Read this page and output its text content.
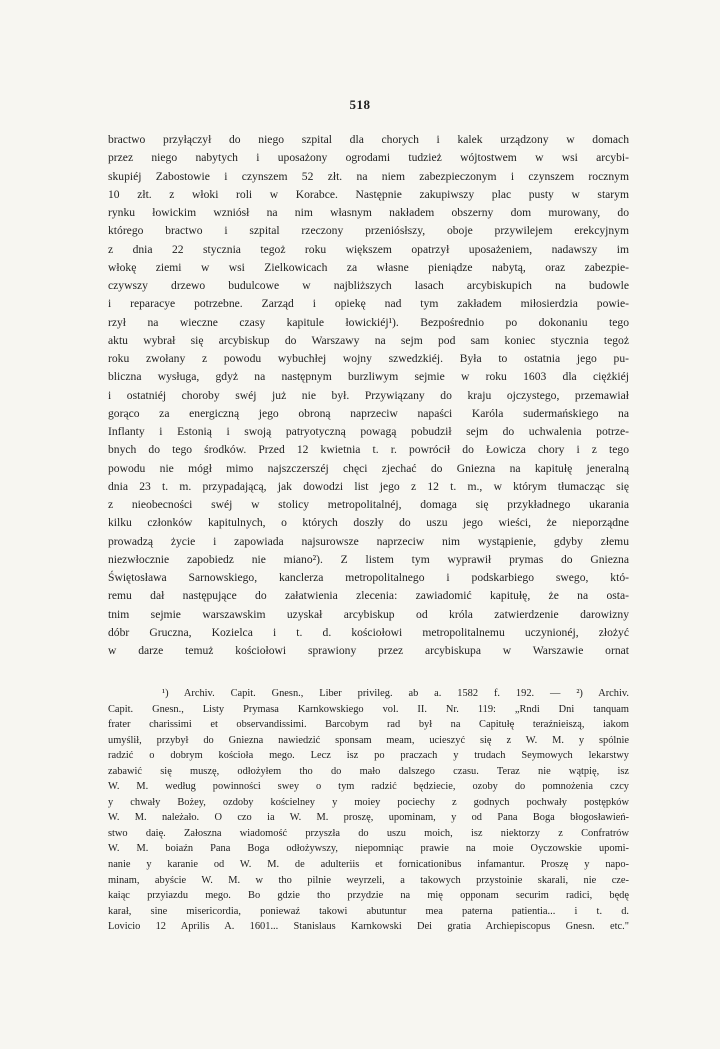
518
bractwo przyłączył do niego szpital dla chorych i kalek urządzony w domach
przez niego nabytych i uposażony ogrodami tudzież wójtostwem w wsi arcybi-
skupiéj Zabostowie i czynszem 52 złt. na niem zabezpieczonym i czynszem rocznym
10 złt. z włoki roli w Korabce. Następnie zakupiwszy plac pusty w starym
rynku łowickim wzniósł na nim własnym nakładem obszerny dom murowany, do
którego bractwo i szpital rzeczony przeniósłszy, oboje przywilejem erekcyjnym
z dnia 22 stycznia tegoż roku większem opatrzył uposażeniem, nadawszy im
włokę ziemi w wsi Zielkowicach za własne pieniądze nabytą, oraz zabezpie-
czywszy drzewo budulcowe w najbliższych lasach arcybiskupich na budowle
i reparacye potrzebne. Zarząd i opiekę nad tym zakładem miłosierdzia powie-
rzył na wieczne czasy kapitule łowickiéj¹). Bezpośrednio po dokonaniu tego
aktu wybrał się arcybiskup do Warszawy na sejm pod sam koniec stycznia tegoż
roku zwołany z powodu wybuchłej wojny szwedzkiéj. Była to ostatnia jego pu-
bliczna wysługa, gdyż na następnym burzliwym sejmie w roku 1603 dla ciężkiéj
i ostatniéj choroby swéj już nie był. Przywiązany do kraju ojczystego, przemawiał
gorąco za energiczną jego obroną naprzeciw napaści Karóla sudermańskiego na
Inflanty i Estonią i swoją patryotyczną powagą pobudził sejm do uchwalenia potrze-
bnych do tego środków. Przed 12 kwietnia t. r. powrócił do Łowicza chory i z tego
powodu nie mógł mimo najszczerszéj chęci zjechać do Gniezna na kapitułę jeneralną
dnia 23 t. m. przypadającą, jak dowodzi list jego z 12 t. m., w którym tłumacząc się
z nieobecności swéj w stolicy metropolitalnéj, domaga się przykładnego ukarania
kilku członków kapitulnych, o których doszły do uszu jego wieści, że nieporządne
prowadzą życie i zapowiada najsurowsze naprzeciw nim wystąpienie, gdyby złemu
niezwłocznie zapobiedz nie miano²). Z listem tym wyprawił prymas do Gniezna
Świętosława Sarnowskiego, kanclerza metropolitalnego i podskarbiego swego, któ-
remu dał następujące do załatwienia zlecenia: zawiadomić kapitułę, że na osta-
tnim sejmie warszawskim uzyskał arcybiskup od króla zatwierdzenie darowizny
dóbr Gruczna, Kozielca i t. d. kościołowi metropolitalnemu uczynionéj, złożyć
w darze temuż kościołowi sprawiony przez arcybiskupa w Warszawie ornat
¹) Archiv. Capit. Gnesn., Liber privileg. ab a. 1582 f. 192. — ²) Archiv.
Capit. Gnesn., Listy Prymasa Karnkowskiego vol. II. Nr. 119: „Rndi Dni tanquam
frater charissimi et observandissimi. Barcobym rad był na Capitułę teraźnieiszą, iakom
umyślił, przybył do Gniezna nawiedzić sponsam meam, ucieszyć się z W. M. y spólnie
radzić o dobrym kościoła mego. Lecz isz po praczach y trudach Seymowych lekarstwy
zabawić się muszę, odłożyłem tho do mało dalszego czasu. Teraz nie wątpię, isz
W. M. według powinności swey o tym radzić będziecie, ozoby do pomnożenia czcy
y chwały Bożey, ozdoby kościelney y moiey pociechy z godnych pochwały postępków
W. M. należało. O czo ia W. M. proszę, upominam, y od Pana Boga błogosławień-
stwo daię. Załoszna wiadomość przyszła do uszu moich, isz niektorzy z Confratrów
W. M. boiaźn Pana Boga odłożywszy, niepomniąc prawie na moie Oyczowskie upomi-
nanie y karanie od W. M. de adulteriis et fornicationibus infamantur. Proszę y napo-
minam, abyście W. M. w tho pilnie weyrzeli, a takowych przystoinie skarali, nie cze-
kaiąc przyiazdu mego. Bo gdzie tho przydzie na mię opponam securim radici, będę
karał, sine misericordia, poniewaź takowi abutuntur mea paterna patientia... i t. d.
Lovicio 12 Aprilis A. 1601... Stanislaus Karnkowski Dei gratia Archiepiscopus Gnesn. etc."
